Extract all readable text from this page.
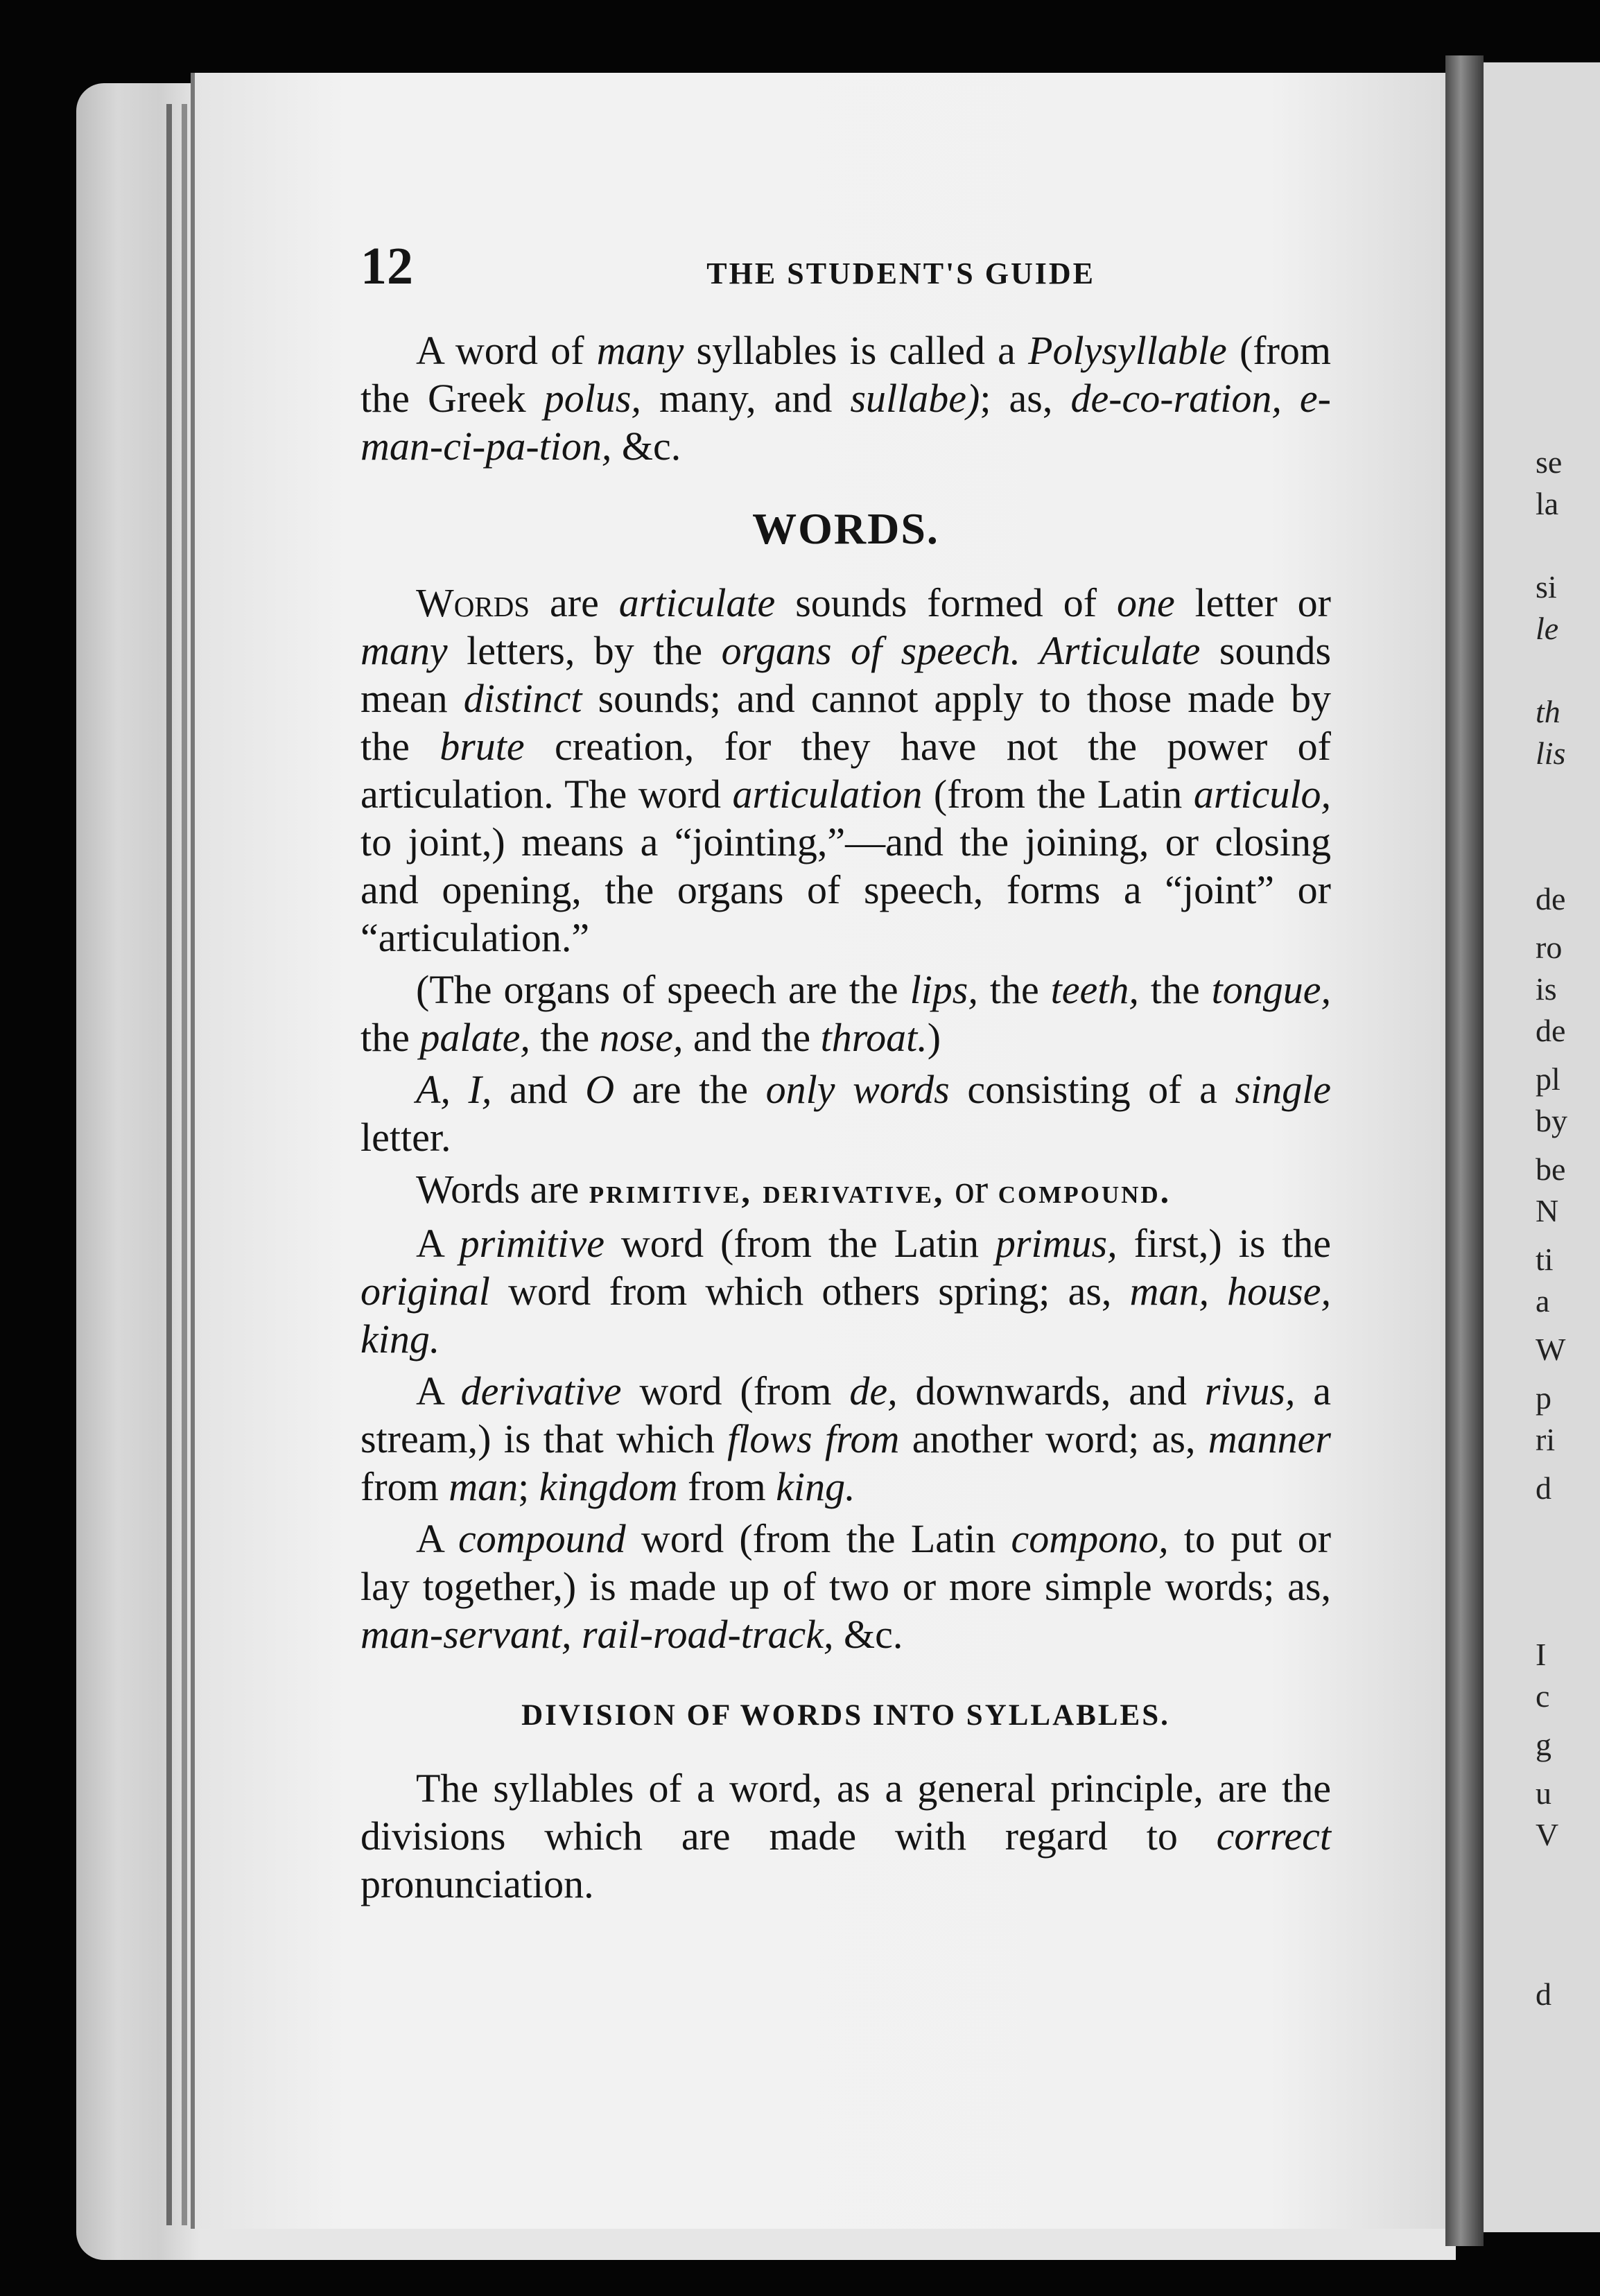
se
la
si
le
th
lis
de
ro
is
de
pl
by
be
N
ti
a
W
p
ri
d
I
c
g
u
V
d
12	THE STUDENT'S GUIDE

A word of many syllables is called a Polysyllable (from the Greek polus, many, and sullabe); as, de-co-ration, e-man-ci-pa-tion, &c.

WORDS.

Words are articulate sounds formed of one letter or many letters, by the organs of speech. Articulate sounds mean distinct sounds; and cannot apply to those made by the brute creation, for they have not the power of articulation. The word articulation (from the Latin articulo, to joint,) means a “jointing,”—and the joining, or closing and opening, the organs of speech, forms a “joint” or “articulation.”

(The organs of speech are the lips, the teeth, the tongue, the palate, the nose, and the throat.)

A, I, and O are the only words consisting of a single letter.

Words are primitive, derivative, or compound.

A primitive word (from the Latin primus, first,) is the original word from which others spring; as, man, house, king.

A derivative word (from de, downwards, and rivus, a stream,) is that which flows from another word; as, manner from man; kingdom from king.

A compound word (from the Latin compono, to put or lay together,) is made up of two or more simple words; as, man-servant, rail-road-track, &c.

DIVISION OF WORDS INTO SYLLABLES.

The syllables of a word, as a general principle, are the divisions which are made with regard to correct pronunciation.
